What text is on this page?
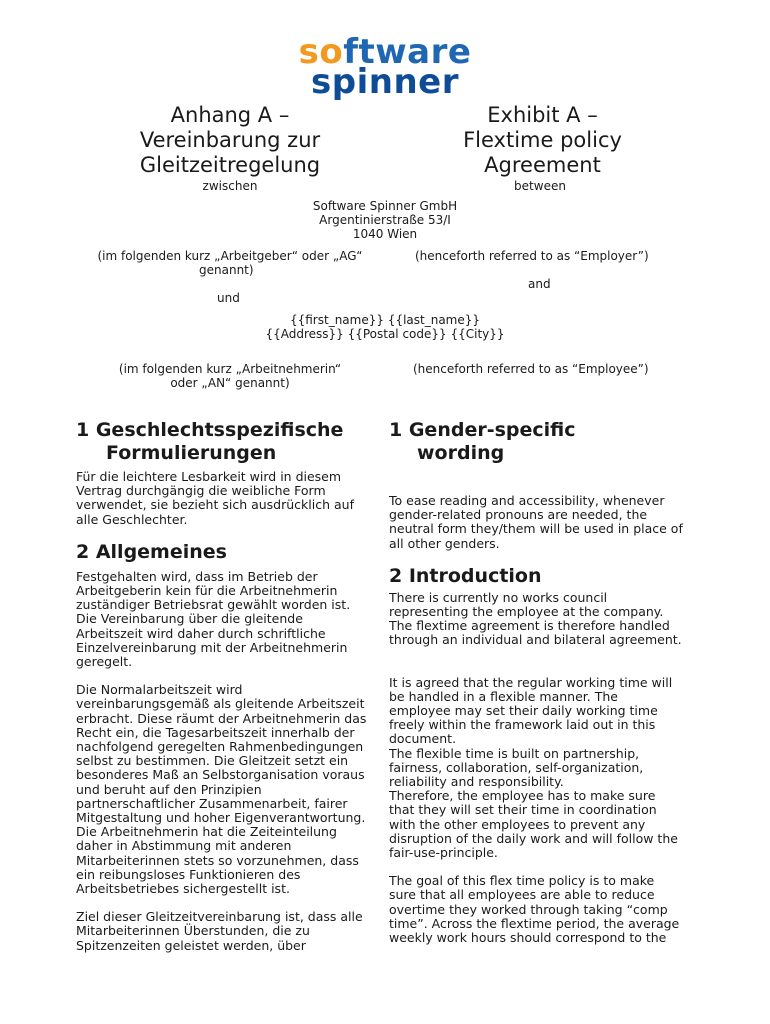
software
spinner
Anhang A –
Vereinbarung zur
Gleitzeitregelung
Exhibit A –
Flextime policy
Agreement
zwischen	between
Software Spinner GmbH
Argentinierstraße 53/I
1040 Wien
(im folgenden kurz „Arbeitgeber“ oder „AG“
genannt)
(henceforth referred to as “Employer”)
and
und
{{first_name}} {{last_name}}
{{Address}} {{Postal code}} {{City}}
(im folgenden kurz „Arbeitnehmerin“
oder „AN“ genannt)
(henceforth referred to as “Employee”)
1 Geschlechtsspezifische
Formulierungen

Für die leichtere Lesbarkeit wird in diesem
Vertrag durchgängig die weibliche Form
verwendet, sie bezieht sich ausdrücklich auf
alle Geschlechter.

2 Allgemeines

Festgehalten wird, dass im Betrieb der
Arbeitgeberin kein für die Arbeitnehmerin
zuständiger Betriebsrat gewählt worden ist.
Die Vereinbarung über die gleitende
Arbeitszeit wird daher durch schriftliche
Einzelvereinbarung mit der Arbeitnehmerin
geregelt.

Die Normalarbeitszeit wird
vereinbarungsgemäß als gleitende Arbeitszeit
erbracht. Diese räumt der Arbeitnehmerin das
Recht ein, die Tagesarbeitszeit innerhalb der
nachfolgend geregelten Rahmenbedingungen
selbst zu bestimmen. Die Gleitzeit setzt ein
besonderes Maß an Selbstorganisation voraus
und beruht auf den Prinzipien
partnerschaftlicher Zusammenarbeit, fairer
Mitgestaltung und hoher Eigenverantwortung.
Die Arbeitnehmerin hat die Zeiteinteilung
daher in Abstimmung mit anderen
Mitarbeiterinnen stets so vorzunehmen, dass
ein reibungsloses Funktionieren des
Arbeitsbetriebes sichergestellt ist.

Ziel dieser Gleitzeitvereinbarung ist, dass alle
Mitarbeiterinnen Überstunden, die zu
Spitzenzeiten geleistet werden, über

1 Gender-specific
wording

To ease reading and accessibility, whenever
gender-related pronouns are needed, the
neutral form they/them will be used in place of
all other genders.

2 Introduction

There is currently no works council
representing the employee at the company.
The flextime agreement is therefore handled
through an individual and bilateral agreement.

It is agreed that the regular working time will
be handled in a flexible manner. The
employee may set their daily working time
freely within the framework laid out in this
document.
The flexible time is built on partnership,
fairness, collaboration, self-organization,
reliability and responsibility.
Therefore, the employee has to make sure
that they will set their time in coordination
with the other employees to prevent any
disruption of the daily work and will follow the
fair-use-principle.

The goal of this flex time policy is to make
sure that all employees are able to reduce
overtime they worked through taking “comp
time”. Across the flextime period, the average
weekly work hours should correspond to the
